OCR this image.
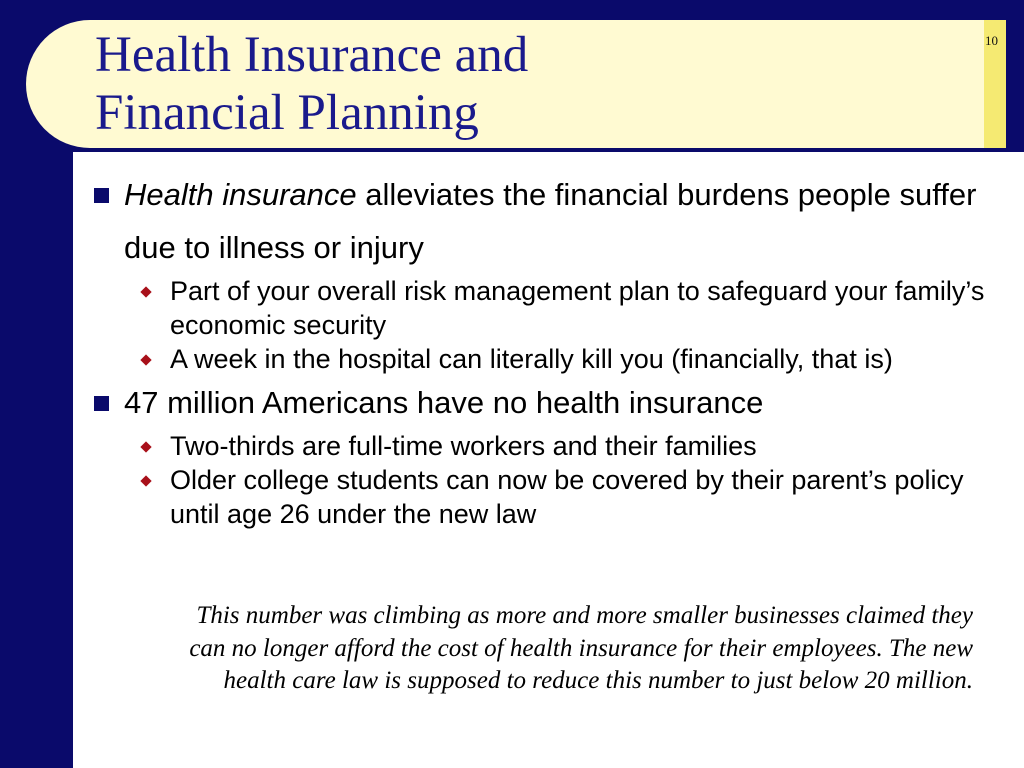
Health Insurance and
Financial Planning
10
Health insurance alleviates the financial burdens people suffer due to illness or injury
Part of your overall risk management plan to safeguard your family’s economic security
A week in the hospital can literally kill you (financially, that is)
47 million Americans have no health insurance
Two-thirds are full-time workers and their families
Older college students can now be covered by their parent’s policy until age 26 under the new law
This number was climbing as more and more smaller businesses claimed they can no longer afford the cost of health insurance for their employees. The new health care law is supposed to reduce this number to just below 20 million.
